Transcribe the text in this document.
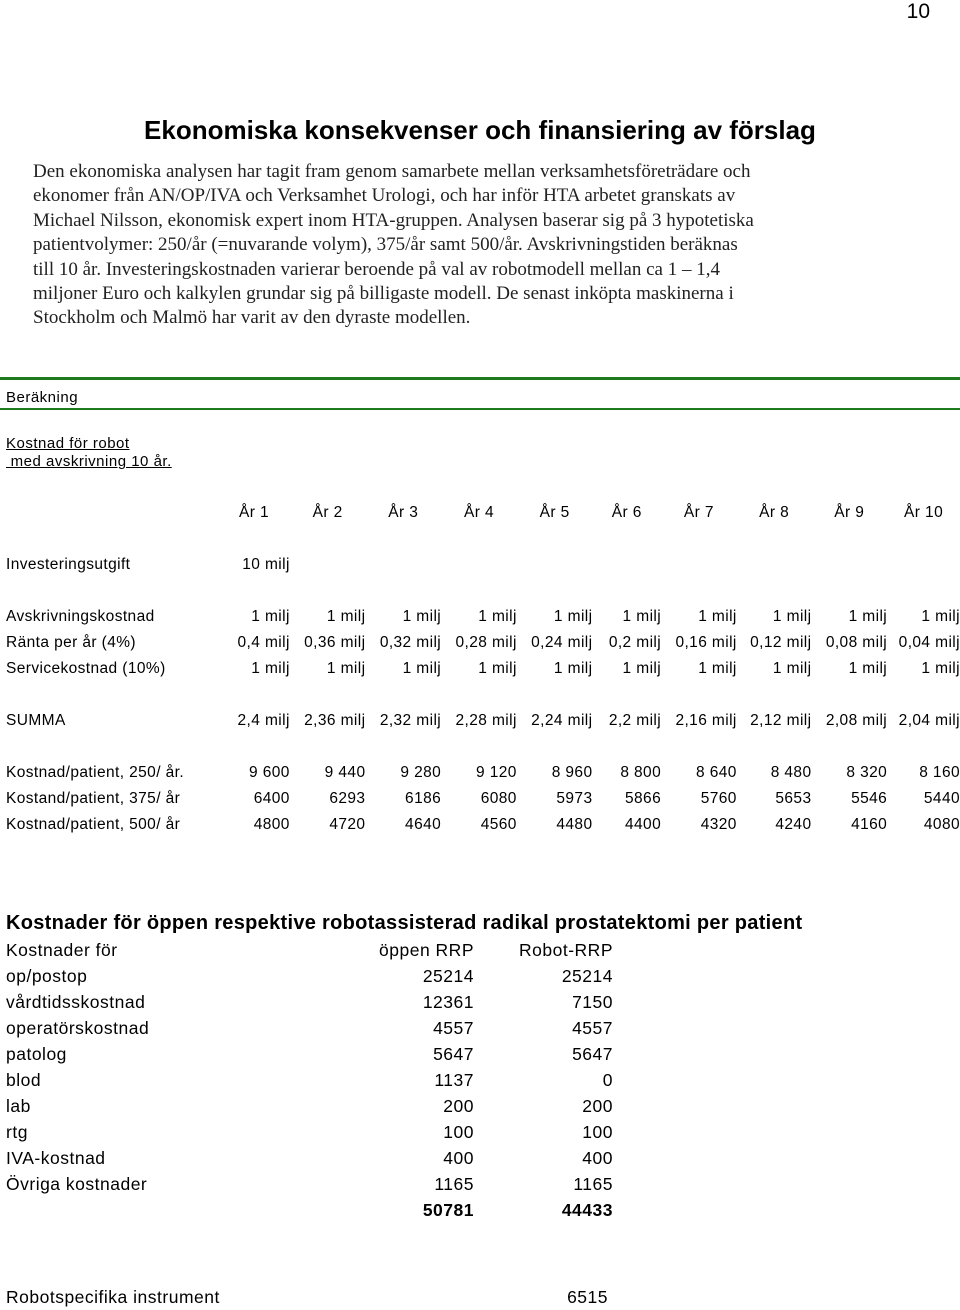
10
Ekonomiska konsekvenser och finansiering av förslag
Den ekonomiska analysen har tagit fram genom samarbete mellan verksamhetsföreträdare och
ekonomer från AN/OP/IVA och Verksamhet Urologi, och har inför HTA arbetet granskats av
Michael Nilsson, ekonomisk expert inom HTA-gruppen. Analysen baserar sig på 3 hypotetiska
patientvolymer: 250/år (=nuvarande volym), 375/år samt 500/år. Avskrivningstiden beräknas
till 10 år. Investeringskostnaden varierar beroende på val av robotmodell mellan ca 1 – 1,4
miljoner Euro och kalkylen grundar sig på billigaste modell. De senast inköpta maskinerna i
Stockholm och Malmö har varit av den dyraste modellen.
Beräkning
Kostnad för robot
med avskrivning 10 år.
	År 1	År 2	År 3	År 4	År 5	År 6	År 7	År 8	År 9	År 10

Investeringsutgift	10 milj									

Avskrivningskostnad	1 milj	1 milj	1 milj	1 milj	1 milj	1 milj	1 milj	1 milj	1 milj	1 milj
Ränta per år (4%)	0,4 milj	0,36 milj	0,32 milj	0,28 milj	0,24 milj	0,2 milj	0,16 milj	0,12 milj	0,08 milj	0,04 milj
Servicekostnad (10%)	1 milj	1 milj	1 milj	1 milj	1 milj	1 milj	1 milj	1 milj	1 milj	1 milj

SUMMA	2,4 milj	2,36 milj	2,32 milj	2,28 milj	2,24 milj	2,2 milj	2,16 milj	2,12 milj	2,08 milj	2,04 milj

Kostnad/patient, 250/ år.	9 600	9 440	9 280	9 120	8 960	8 800	8 640	8 480	8 320	8 160
Kostand/patient, 375/ år	6400	6293	6186	6080	5973	5866	5760	5653	5546	5440
Kostnad/patient, 500/ år	4800	4720	4640	4560	4480	4400	4320	4240	4160	4080
Kostnader för öppen respektive robotassisterad radikal prostatektomi per patient
Kostnader för	öppen RRP	Robot-RRP
op/postop	25214	25214
vårdtidsskostnad	12361	7150
operatörskostnad	4557	4557
patolog	5647	5647
blod	1137	0
lab	200	200
rtg	100	100
IVA-kostnad	400	400
Övriga kostnader	1165	1165
	50781	44433
Robotspecifika instrument	6515
